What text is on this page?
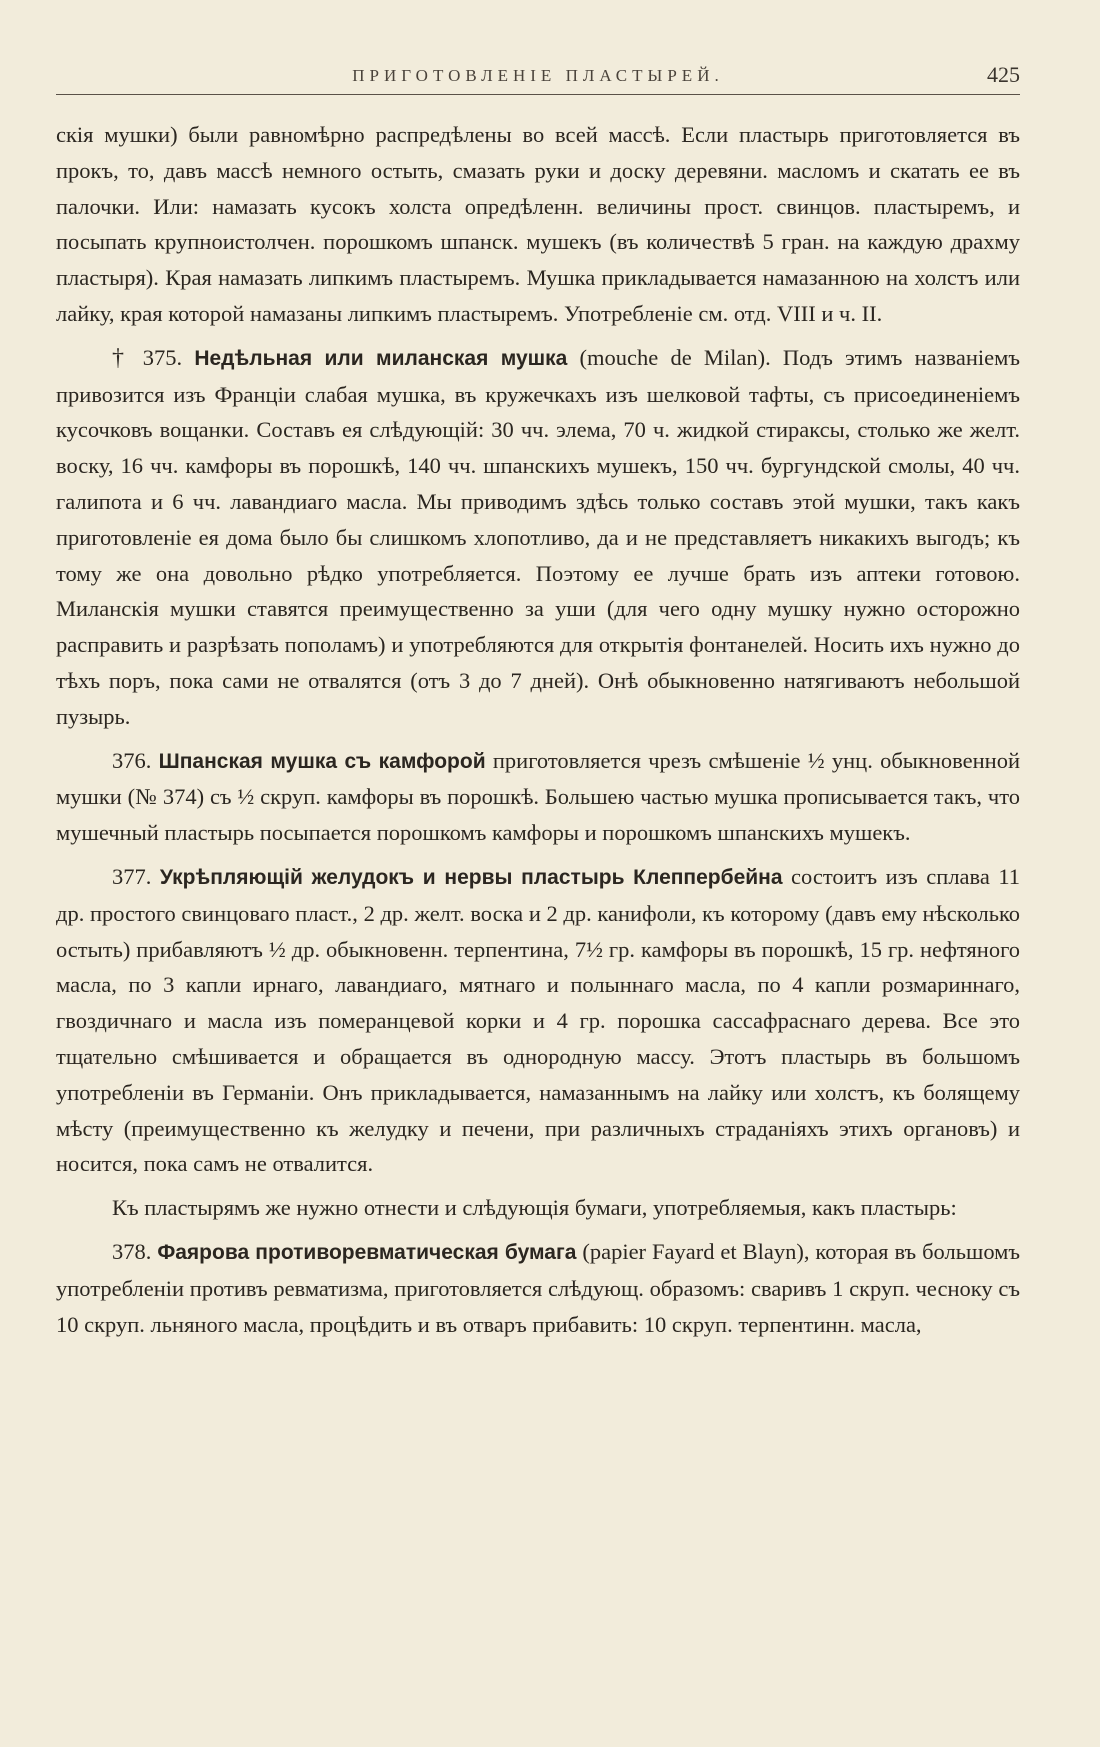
ПРИГОТОВЛЕНІЕ ПЛАСТЫРЕЙ.	425

скія мушки) были равномѣрно распредѣлены во всей массѣ. Если пластырь приготовляется въ прокъ, то, давъ массѣ немного остыть, смазать руки и доску деревяни. масломъ и скатать ее въ палочки. Или: намазать кусокъ холста опредѣленн. величины прост. свинцов. пластыремъ, и посыпать крупноистолчен. порошкомъ шпанск. мушекъ (въ количествѣ 5 гран. на каждую драхму пластыря). Края намазать липкимъ пластыремъ. Мушка прикладывается намазанною на холстъ или лайку, края которой намазаны липкимъ пластыремъ. Употребленіе см. отд. VIII и ч. II.

† 375. Недѣльная или миланская мушка (mouche de Milan). Подъ этимъ названіемъ привозится изъ Франціи слабая мушка, въ кружечкахъ изъ шелковой тафты, съ присоединеніемъ кусочковъ вощанки. Составъ ея слѣдующій: 30 чч. элема, 70 ч. жидкой стираксы, столько же желт. воску, 16 чч. камфоры въ порошкѣ, 140 чч. шпанскихъ мушекъ, 150 чч. бургундской смолы, 40 чч. галипота и 6 чч. лавандиаго масла. Мы приводимъ здѣсь только составъ этой мушки, такъ какъ приготовленіе ея дома было бы слишкомъ хлопотливо, да и не представляетъ никакихъ выгодъ; къ тому же она довольно рѣдко употребляется. Поэтому ее лучше брать изъ аптеки готовою. Миланскія мушки ставятся преимущественно за уши (для чего одну мушку нужно осторожно расправить и разрѣзать пополамъ) и употребляются для открытія фонтанелей. Носить ихъ нужно до тѣхъ поръ, пока сами не отвалятся (отъ 3 до 7 дней). Онѣ обыкновенно натягиваютъ небольшой пузырь.

376. Шпанская мушка съ камфорой приготовляется чрезъ смѣшеніе ½ унц. обыкновенной мушки (№ 374) съ ½ скруп. камфоры въ порошкѣ. Большею частью мушка прописывается такъ, что мушечный пластырь посыпается порошкомъ камфоры и порошкомъ шпанскихъ мушекъ.

377. Укрѣпляющій желудокъ и нервы пластырь Клеппербейна состоитъ изъ сплава 11 др. простого свинцоваго пласт., 2 др. желт. воска и 2 др. канифоли, къ которому (давъ ему нѣсколько остыть) прибавляютъ ½ др. обыкновенн. терпентина, 7½ гр. камфоры въ порошкѣ, 15 гр. нефтяного масла, по 3 капли ирнаго, лавандиаго, мятнаго и полыннаго масла, по 4 капли розмариннаго, гвоздичнаго и масла изъ померанцевой корки и 4 гр. порошка сассафраснаго дерева. Все это тщательно смѣшивается и обращается въ однородную массу. Этотъ пластырь въ большомъ употребленіи въ Германіи. Онъ прикладывается, намазаннымъ на лайку или холстъ, къ болящему мѣсту (преимущественно къ желудку и печени, при различныхъ страданіяхъ этихъ органовъ) и носится, пока самъ не отвалится.

Къ пластырямъ же нужно отнести и слѣдующія бумаги, употребляемыя, какъ пластырь:

378. Фаярова противоревматическая бумага (papier Fayard et Blayn), которая въ большомъ употребленіи противъ ревматизма, приготовляется слѣдующ. образомъ: сваривъ 1 скруп. чеснoку съ 10 скруп. льняного масла, процѣдить и въ отваръ прибавить: 10 скруп. терпентинн. масла,
